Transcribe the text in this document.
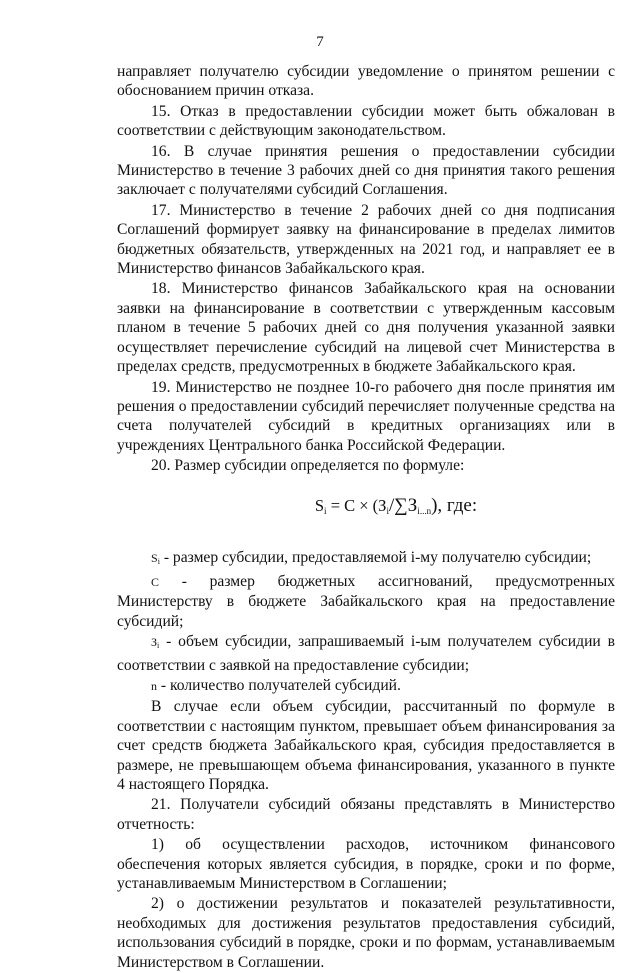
7

направляет получателю субсидии уведомление о принятом решении с обоснованием причин отказа.

15. Отказ в предоставлении субсидии может быть обжалован в соответствии с действующим законодательством.

16. В случае принятия решения о предоставлении субсидии Министерство в течение 3 рабочих дней со дня принятия такого решения заключает с получателями субсидий Соглашения.

17. Министерство в течение 2 рабочих дней со дня подписания Соглашений формирует заявку на финансирование в пределах лимитов бюджетных обязательств, утвержденных на 2021 год, и направляет ее в Министерство финансов Забайкальского края.

18. Министерство финансов Забайкальского края на основании заявки на финансирование в соответствии с утвержденным кассовым планом в течение 5 рабочих дней со дня получения указанной заявки осуществляет перечисление субсидий на лицевой счет Министерства в пределах средств, предусмотренных в бюджете Забайкальского края.

19. Министерство не позднее 10-го рабочего дня после принятия им решения о предоставлении субсидий перечисляет полученные средства на счета получателей субсидий в кредитных организациях или в учреждениях Центрального банка Российской Федерации.

20. Размер субсидии определяется по формуле:

$S_i = C \times (З_i/\sum З_{i...n})$, где:

$S_i$ - размер субсидии, предоставляемой i-му получателю субсидии;

C - размер бюджетных ассигнований, предусмотренных Министерству в бюджете Забайкальского края на предоставление субсидий;

$З_i$ - объем субсидии, запрашиваемый i-ым получателем субсидии в соответствии с заявкой на предоставление субсидии;

n - количество получателей субсидий.

В случае если объем субсидии, рассчитанный по формуле в соответствии с настоящим пунктом, превышает объем финансирования за счет средств бюджета Забайкальского края, субсидия предоставляется в размере, не превышающем объема финансирования, указанного в пункте 4 настоящего Порядка.

21. Получатели субсидий обязаны представлять в Министерство отчетность:

1) об осуществлении расходов, источником финансового обеспечения которых является субсидия, в порядке, сроки и по форме, устанавливаемым Министерством в Соглашении;

2) о достижении результатов и показателей результативности, необходимых для достижения результатов предоставления субсидий, использования субсидий в порядке, сроки и по формам, устанавливаемым Министерством в Соглашении.
